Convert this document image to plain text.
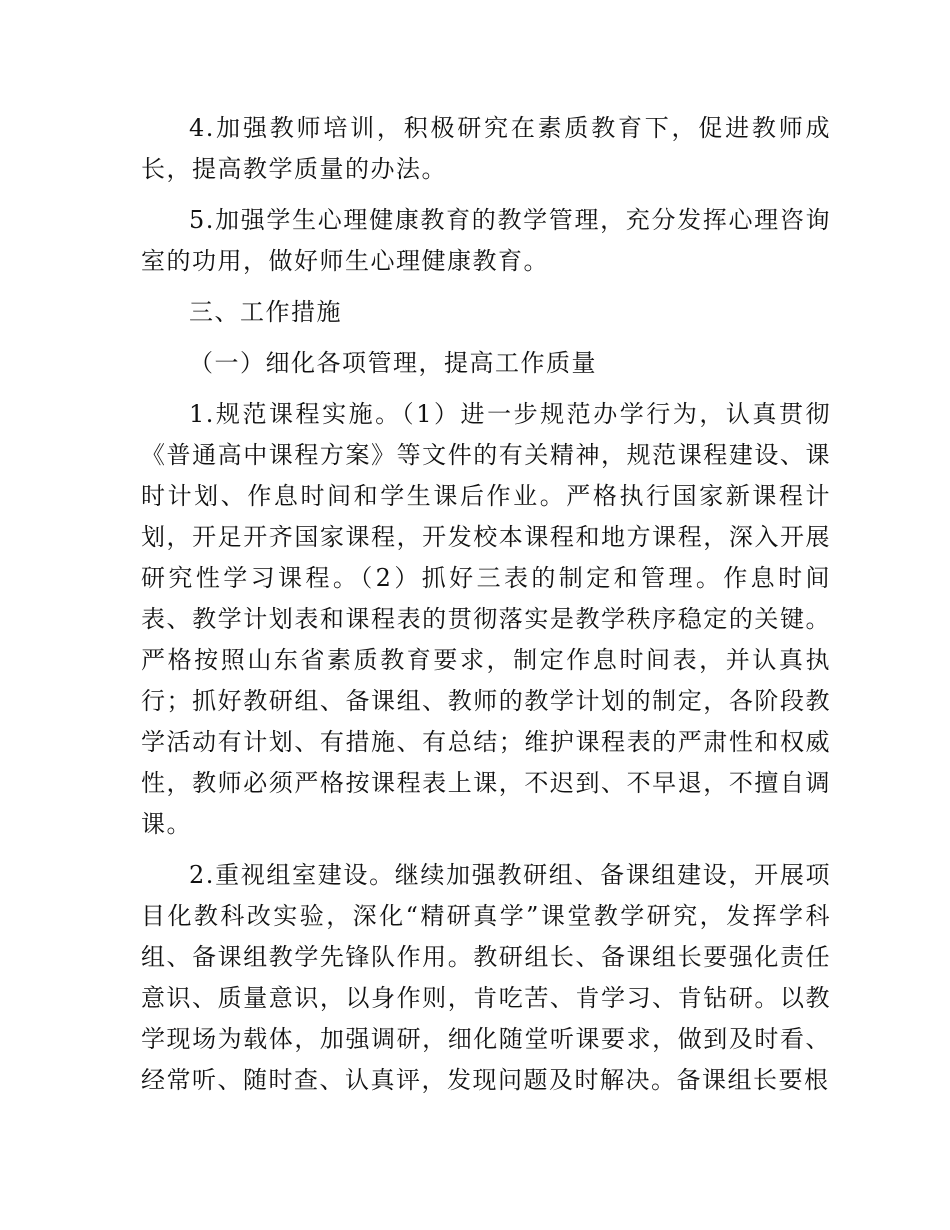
4.加强教师培训，积极研究在素质教育下，促进教师成长，提高教学质量的办法。

5.加强学生心理健康教育的教学管理，充分发挥心理咨询室的功用，做好师生心理健康教育。

三、工作措施

（一）细化各项管理，提高工作质量

1.规范课程实施。（1）进一步规范办学行为，认真贯彻《普通高中课程方案》等文件的有关精神，规范课程建设、课时计划、作息时间和学生课后作业。严格执行国家新课程计划，开足开齐国家课程，开发校本课程和地方课程，深入开展研究性学习课程。（2）抓好三表的制定和管理。作息时间表、教学计划表和课程表的贯彻落实是教学秩序稳定的关键。严格按照山东省素质教育要求，制定作息时间表，并认真执行；抓好教研组、备课组、教师的教学计划的制定，各阶段教学活动有计划、有措施、有总结；维护课程表的严肃性和权威性，教师必须严格按课程表上课，不迟到、不早退，不擅自调课。

2.重视组室建设。继续加强教研组、备课组建设，开展项目化教科改实验，深化“精研真学”课堂教学研究，发挥学科组、备课组教学先锋队作用。教研组长、备课组长要强化责任意识、质量意识，以身作则，肯吃苦、肯学习、肯钻研。以教学现场为载体，加强调研，细化随堂听课要求，做到及时看、经常听、随时查、认真评，发现问题及时解决。备课组长要根
